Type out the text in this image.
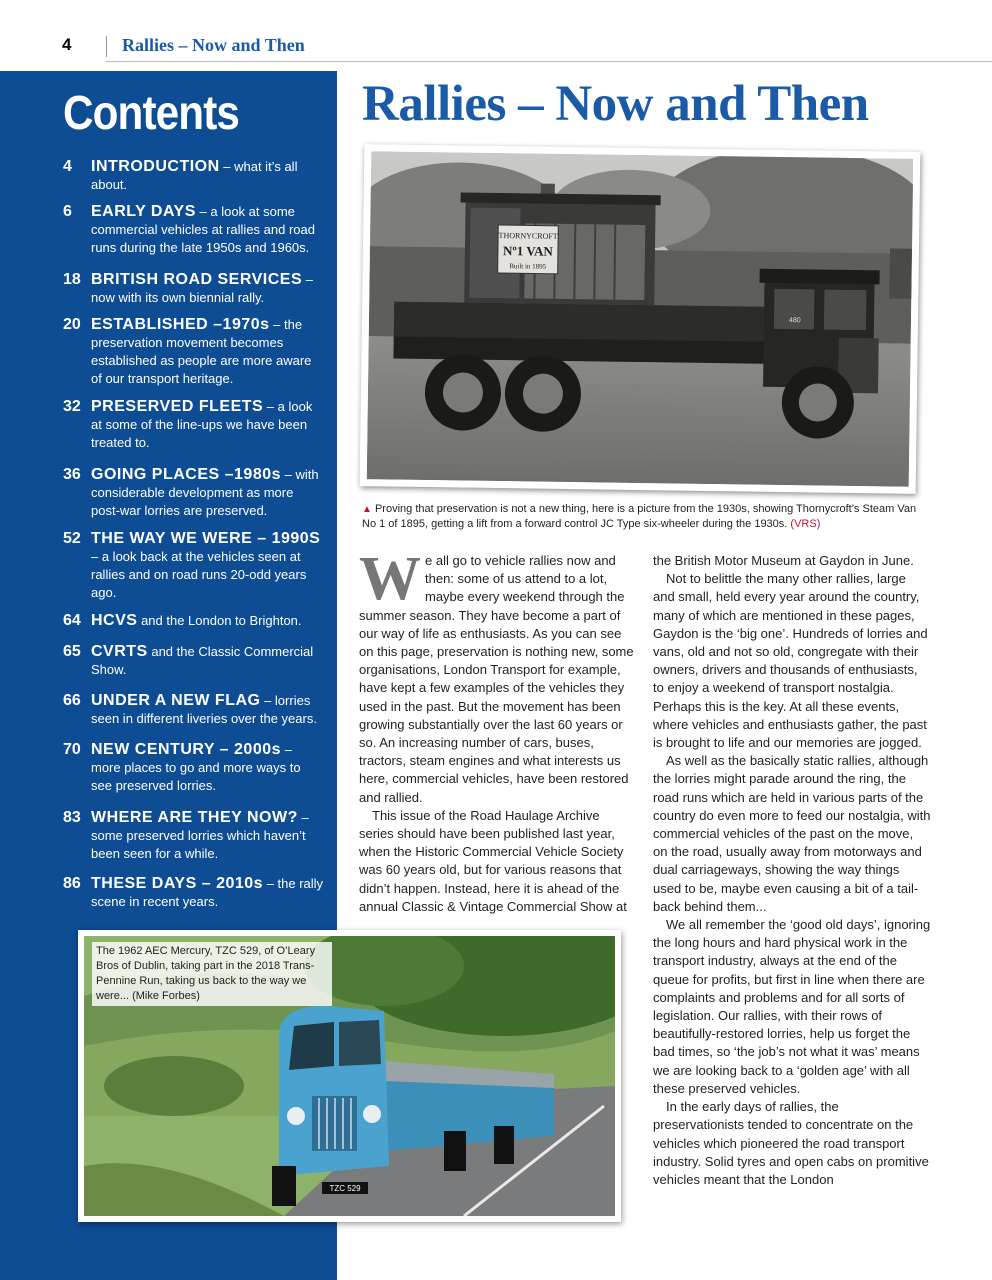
4	Rallies – Now and Then
Contents
4 INTRODUCTION – what it’s all about.
6 EARLY DAYS – a look at some commercial vehicles at rallies and road runs during the late 1950s and 1960s.
18 BRITISH ROAD SERVICES – now with its own biennial rally.
20 ESTABLISHED –1970s – the preservation movement becomes established as people are more aware of our transport heritage.
32 PRESERVED FLEETS – a look at some of the line-ups we have been treated to.
36 GOING PLACES –1980s – with considerable development as more post-war lorries are preserved.
52 THE WAY WE WERE – 1990S – a look back at the vehicles seen at rallies and on road runs 20-odd years ago.
64 HCVS and the London to Brighton.
65 CVRTS and the Classic Commercial Show.
66 UNDER A NEW FLAG – lorries seen in different liveries over the years.
70 NEW CENTURY – 2000s – more places to go and more ways to see preserved lorries.
83 WHERE ARE THEY NOW? – some preserved lorries which haven’t been seen for a while.
86 THESE DAYS – 2010s – the rally scene in recent years.
Rallies – Now and Then
THORNYCROFT
Nº1 VAN
Built in 1895
480
▲ Proving that preservation is not a new thing, here is a picture from the 1930s, showing Thornycroft’s Steam Van No 1 of 1895, getting a lift from a forward control JC Type six-wheeler during the 1930s. (VRS)

We all go to vehicle rallies now and then: some of us attend to a lot, maybe every weekend through the summer season. They have become a part of our way of life as enthusiasts. As you can see on this page, preservation is nothing new, some organisations, London Transport for example, have kept a few examples of the vehicles they used in the past. But the movement has been growing substantially over the last 60 years or so. An increasing number of cars, buses, tractors, steam engines and what interests us here, commercial vehicles, have been restored and rallied.

This issue of the Road Haulage Archive series should have been published last year, when the Historic Commercial Vehicle Society was 60 years old, but for various reasons that didn’t happen. Instead, here it is ahead of the annual Classic & Vintage Commercial Show at

the British Motor Museum at Gaydon in June.

Not to belittle the many other rallies, large and small, held every year around the country, many of which are mentioned in these pages, Gaydon is the ‘big one’. Hundreds of lorries and vans, old and not so old, congregate with their owners, drivers and thousands of enthusiasts, to enjoy a weekend of transport nostalgia. Perhaps this is the key. At all these events, where vehicles and enthusiasts gather, the past is brought to life and our memories are jogged.

As well as the basically static rallies, although the lorries might parade around the ring, the road runs which are held in various parts of the country do even more to feed our nostalgia, with commercial vehicles of the past on the move, on the road, usually away from motorways and dual carriageways, showing the way things used to be, maybe even causing a bit of a tail-back behind them...

We all remember the ‘good old days’, ignoring the long hours and hard physical work in the transport industry, always at the end of the queue for profits, but first in line when there are complaints and problems and for all sorts of legislation. Our rallies, with their rows of beautifully-restored lorries, help us forget the bad times, so ‘the job’s not what it was’ means we are looking back to a ‘golden age’ with all these preserved vehicles.

In the early days of rallies, the preservationists tended to concentrate on the vehicles which pioneered the road transport industry. Solid tyres and open cabs on promitive vehicles meant that the London

TZC 529
The 1962 AEC Mercury, TZC 529, of O’Leary Bros of Dublin, taking part in the 2018 Trans-Pennine Run, taking us back to the way we were... (Mike Forbes)
